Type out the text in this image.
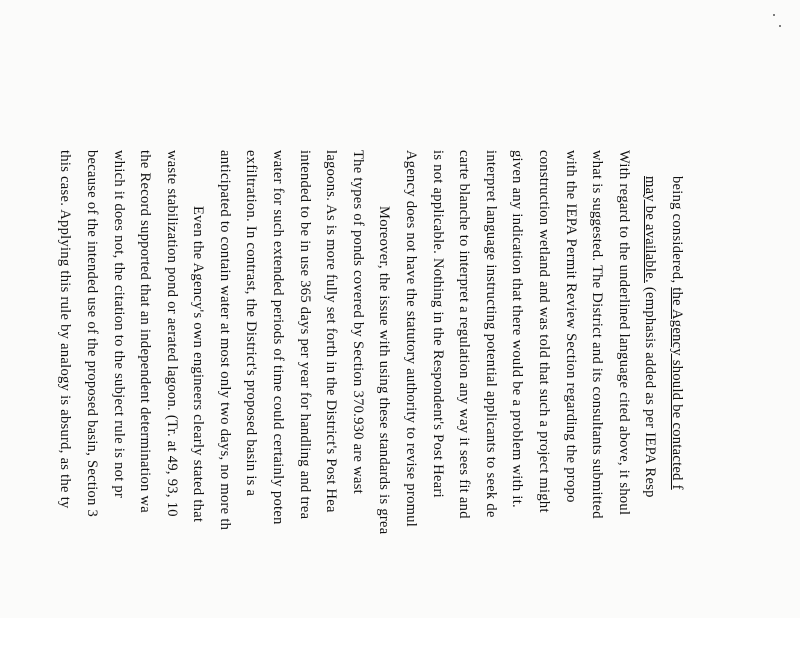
being considered, the Agency should be contacted f
may be available. (emphasis added as per IEPA Resp
With regard to the underlined language cited above, it shoul
what is suggested. The District and its consultants submitted
with the IEPA Permit Review Section regarding the propo
construction wetland and was told that such a project might
given any indication that there would be a problem with it.
interpret language instructing potential applicants to seek de
carte blanche to interpret a regulation any way it sees fit and
is not applicable. Nothing in the Respondent's Post Heari
Agency does not have the statutory authority to revise promul
Moreover, the issue with using these standards is grea
The types of ponds covered by Section 370.930 are wast
lagoons. As is more fully set forth in the District's Post Hea
intended to be in use 365 days per year for handling and trea
water for such extended periods of time could certainly poten
exfiltration. In contrast, the District's proposed basin is a
anticipated to contain water at most only two days, no more th
Even the Agency's own engineers clearly stated that
waste stabilization pond or aerated lagoon. (Tr. at 49, 93, 10
the Record supported that an independent determination wa
which it does not, the citation to the subject rule is not pr
because of the intended use of the proposed basin, Section 3
this case. Applying this rule by analogy is absurd, as the ty
